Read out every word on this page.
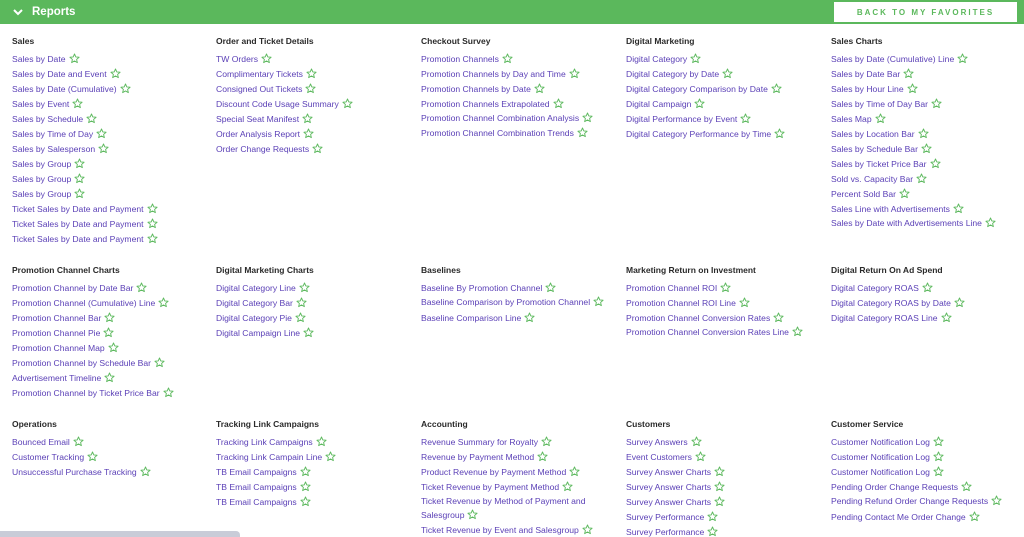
Reports	BACK TO MY FAVORITES
Sales
Sales by Date
Sales by Date and Event
Sales by Date (Cumulative)
Sales by Event
Sales by Schedule
Sales by Time of Day
Sales by Salesperson
Sales by Group
Sales by Group
Sales by Group
Ticket Sales by Date and Payment
Ticket Sales by Date and Payment
Ticket Sales by Date and Payment
Order and Ticket Details
TW Orders
Complimentary Tickets
Consigned Out Tickets
Discount Code Usage Summary
Special Seat Manifest
Order Analysis Report
Order Change Requests
Checkout Survey
Promotion Channels
Promotion Channels by Day and Time
Promotion Channels by Date
Promotion Channels Extrapolated
Promotion Channel Combination Analysis
Promotion Channel Combination Trends
Digital Marketing
Digital Category
Digital Category by Date
Digital Category Comparison by Date
Digital Campaign
Digital Performance by Event
Digital Category Performance by Time
Sales Charts
Sales by Date (Cumulative) Line
Sales by Date Bar
Sales by Hour Line
Sales by Time of Day Bar
Sales Map
Sales by Location Bar
Sales by Schedule Bar
Sales by Ticket Price Bar
Sold vs. Capacity Bar
Percent Sold Bar
Sales Line with Advertisements
Sales by Date with Advertisements Line
Promotion Channel Charts
Promotion Channel by Date Bar
Promotion Channel (Cumulative) Line
Promotion Channel Bar
Promotion Channel Pie
Promotion Channel Map
Promotion Channel by Schedule Bar
Advertisement Timeline
Promotion Channel by Ticket Price Bar
Digital Marketing Charts
Digital Category Line
Digital Category Bar
Digital Category Pie
Digital Campaign Line
Baselines
Baseline By Promotion Channel
Baseline Comparison by Promotion Channel
Baseline Comparison Line
Marketing Return on Investment
Promotion Channel ROI
Promotion Channel ROI Line
Promotion Channel Conversion Rates
Promotion Channel Conversion Rates Line
Digital Return On Ad Spend
Digital Category ROAS
Digital Category ROAS by Date
Digital Category ROAS Line
Operations
Bounced Email
Customer Tracking
Unsuccessful Purchase Tracking
Tracking Link Campaigns
Tracking Link Campaigns
Tracking Link Campain Line
TB Email Campaigns
TB Email Campaigns
TB Email Campaigns
Accounting
Revenue Summary for Royalty
Revenue by Payment Method
Product Revenue by Payment Method
Ticket Revenue by Payment Method
Ticket Revenue by Method of Payment and Salesgroup
Ticket Revenue by Event and Salesgroup
Customers
Survey Answers
Event Customers
Survey Answer Charts
Survey Answer Charts
Survey Answer Charts
Survey Performance
Survey Performance
Customer Service
Customer Notification Log
Customer Notification Log
Customer Notification Log
Pending Order Change Requests
Pending Refund Order Change Requests
Pending Contact Me Order Change
